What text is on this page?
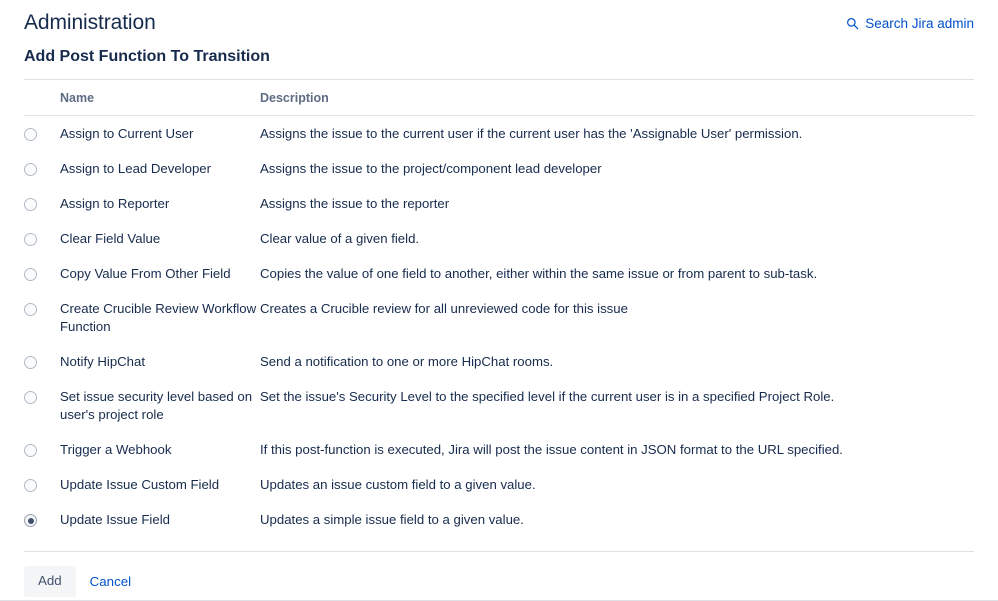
Administration	Search Jira admin
Add Post Function To Transition
	Name	Description
	Assign to Current User	Assigns the issue to the current user if the current user has the 'Assignable User' permission.
	Assign to Lead Developer	Assigns the issue to the project/component lead developer
	Assign to Reporter	Assigns the issue to the reporter
	Clear Field Value	Clear value of a given field.
	Copy Value From Other Field	Copies the value of one field to another, either within the same issue or from parent to sub-task.
	Create Crucible Review Workflow Function	Creates a Crucible review for all unreviewed code for this issue
	Notify HipChat	Send a notification to one or more HipChat rooms.
	Set issue security level based on user's project role	Set the issue's Security Level to the specified level if the current user is in a specified Project Role.
	Trigger a Webhook	If this post-function is executed, Jira will post the issue content in JSON format to the URL specified.
	Update Issue Custom Field	Updates an issue custom field to a given value.
	Update Issue Field	Updates a simple issue field to a given value.
Add	Cancel
